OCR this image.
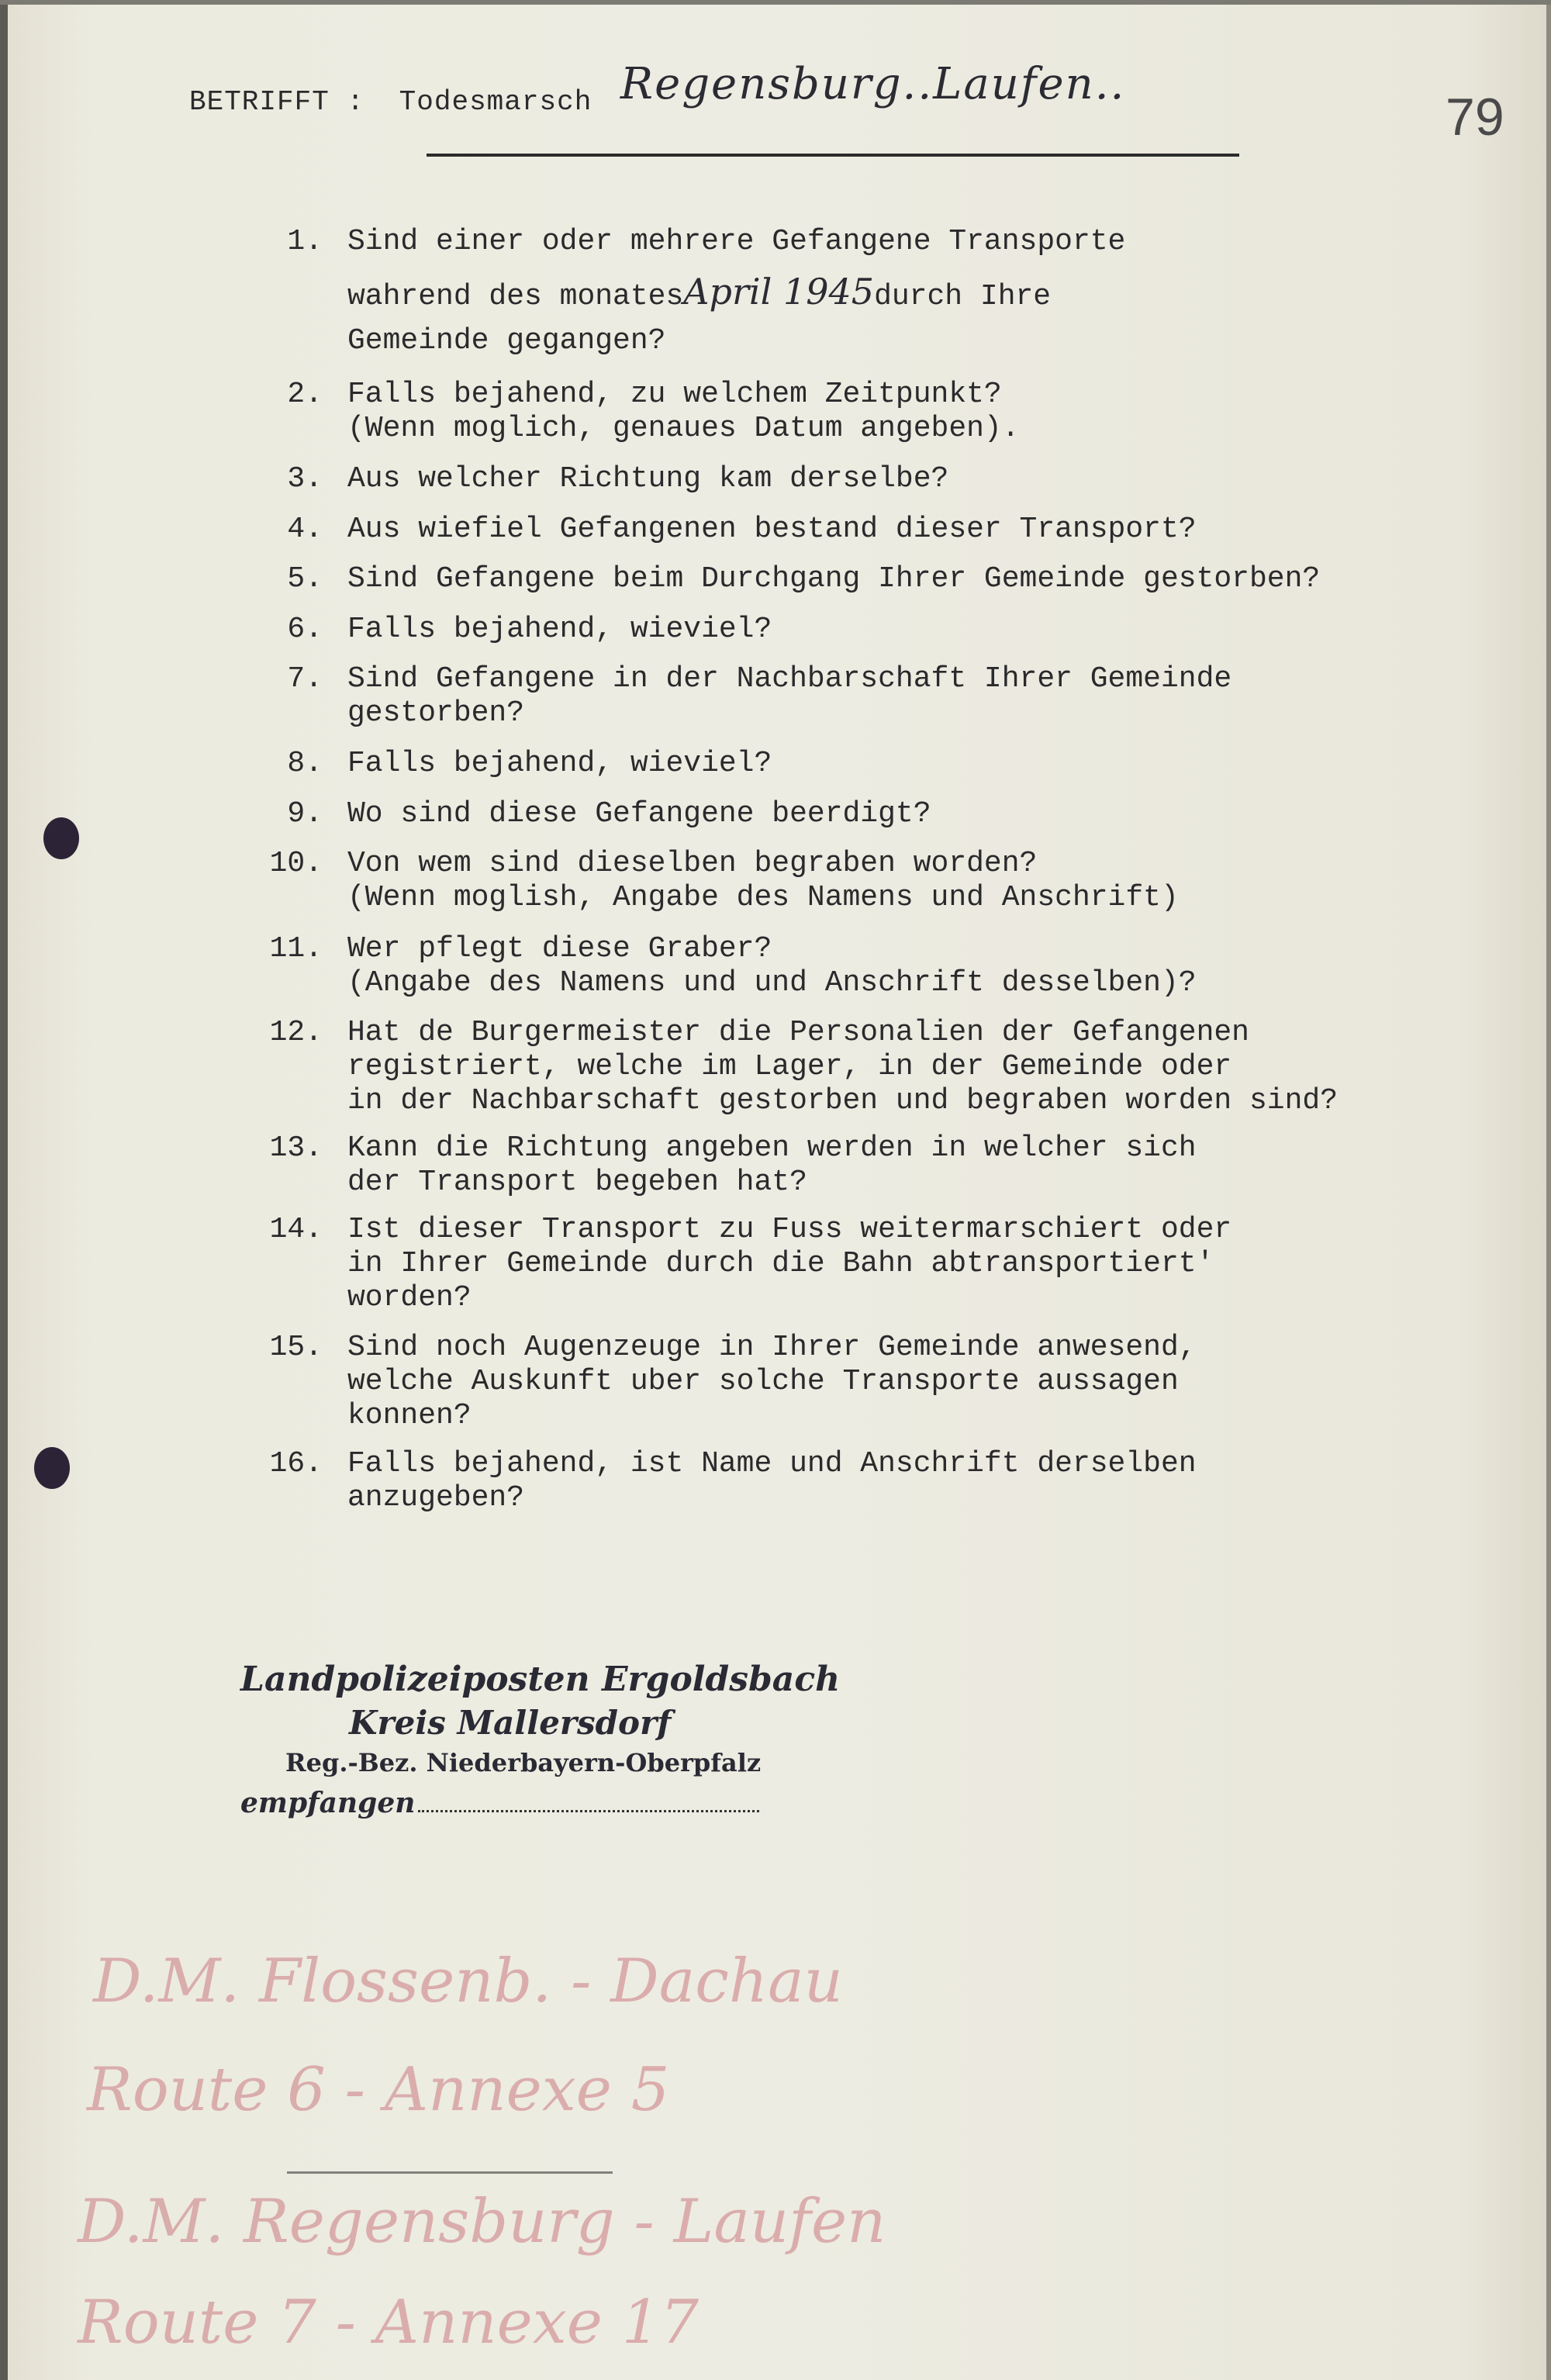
BETRIFFT : Todesmarsch Regensburg..Laufen..
79

1.

Sind einer oder mehrere Gefangene Transporte

wahrend des monatesApril 1945durch Ihre

Gemeinde gegangen?

2.

Falls bejahend, zu welchem Zeitpunkt?

(Wenn moglich, genaues Datum angeben).

3.

Aus welcher Richtung kam derselbe?

4.

Aus wiefiel Gefangenen bestand dieser Transport?

5.

Sind Gefangene beim Durchgang Ihrer Gemeinde gestorben?

6.

Falls bejahend, wieviel?

7.

Sind Gefangene in der Nachbarschaft Ihrer Gemeinde

gestorben?

8.

Falls bejahend, wieviel?

9.

Wo sind diese Gefangene beerdigt?

10.

Von wem sind dieselben begraben worden?

(Wenn moglish, Angabe des Namens und Anschrift)

11.

Wer pflegt diese Graber?

(Angabe des Namens und und Anschrift desselben)?

12.

Hat de Burgermeister die Personalien der Gefangenen

registriert, welche im Lager, in der Gemeinde oder

in der Nachbarschaft gestorben und begraben worden sind?

13.

Kann die Richtung angeben werden in welcher sich

der Transport begeben hat?

14.

Ist dieser Transport zu Fuss weitermarschiert oder

in Ihrer Gemeinde durch die Bahn abtransportiert'

worden?

15.

Sind noch Augenzeuge in Ihrer Gemeinde anwesend,

welche Auskunft uber solche Transporte aussagen

konnen?

16.

Falls bejahend, ist Name und Anschrift derselben

anzugeben?

Landpolizeiposten Ergoldsbach
Kreis Mallersdorf
Reg.-Bez. Niederbayern-Oberpfalz
empfangen
D.M. Flossenb. - Dachau
Route 6 - Annexe 5
D.M. Regensburg - Laufen
Route 7 - Annexe 17
